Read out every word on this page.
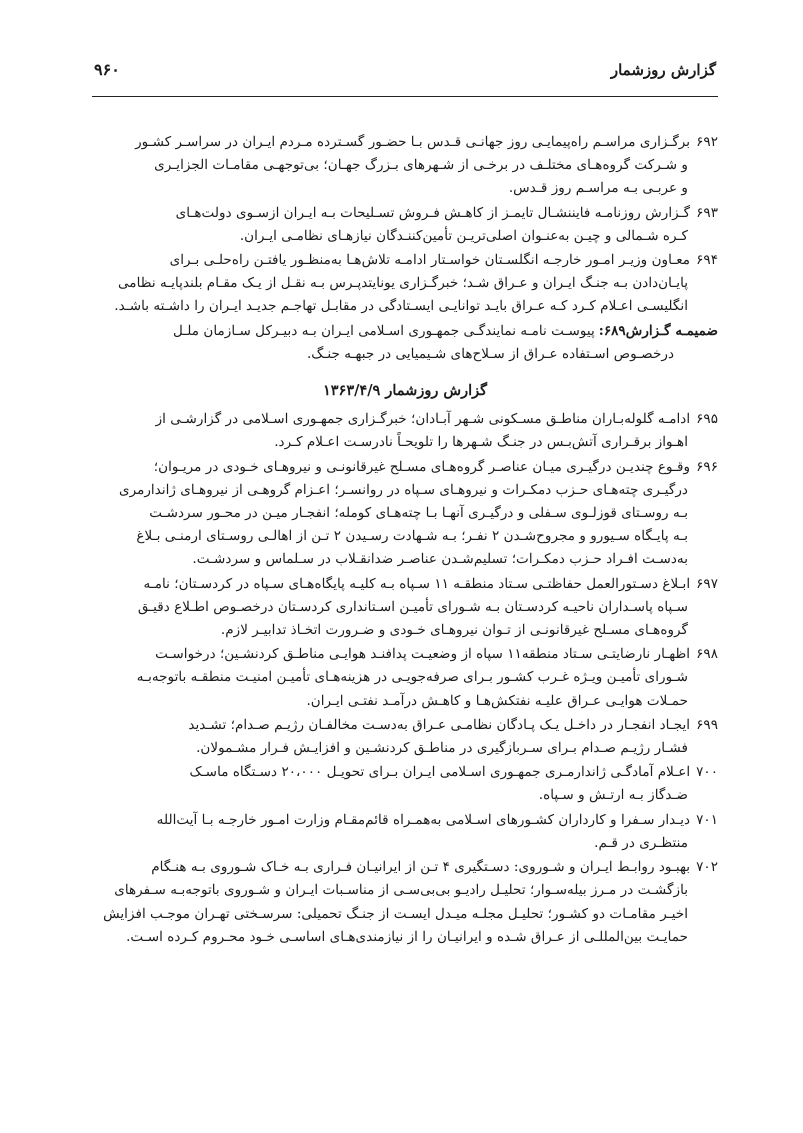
گزارش روزشمار
۹۶۰
۶۹۲برگـزاری مراسـم راه‌پیمایـی روز جهانـی قـدس بـا حضـور گسـترده مـردم ایـران در سراسـر کشـور
و شـرکت گروه‌هـای مختلـف در برخـی از شـهرهای بـزرگ جهـان؛ بی‌توجهـی مقامـات الجزایـری
و عربـی بـه مراسـم روز قـدس.
۶۹۳گـزارش روزنامـه فایننشـال تایمـز از کاهـش فـروش تسـلیحات بـه ایـران ازسـوی دولت‌هـای
کـره شـمالی و چیـن به‌عنـوان اصلی‌تریـن تأمین‌کننـدگان نیازهـای نظامـی ایـران.
۶۹۴معـاون وزیـر امـور خارجـه انگلسـتان خواسـتار ادامـه تلاش‌هـا به‌منظـور یافتـن راه‌حلـی بـرای
پایـان‌دادن بـه جنـگ ایـران و عـراق شـد؛ خبرگـزاری یونایتدپـرس بـه نقـل از یـک مقـام بلندپایـه نظامی
انگلیسـی اعـلام کـرد کـه عـراق بایـد توانایـی ایسـتادگی در مقابـل تهاجـم جدیـد ایـران را داشـته باشـد.
ضمیمـه گـزارش۶۸۹:پیوسـت نامـه نمایندگـی جمهـوری اسـلامی ایـران بـه دبیـرکل سـازمان ملـل
درخصـوص اسـتفاده عـراق از سـلاح‌های شـیمیایی در جبهـه جنـگ.
گزارش روزشمار ۱۳۶۳/۴/۹
۶۹۵ادامـه گلوله‌بـاران مناطـق مسـکونی شـهر آبـادان؛ خبرگـزاری جمهـوری اسـلامی در گزارشـی از
اهـواز برقـراری آتش‌بـس در جنـگ شـهرها را تلویحـاً نادرسـت اعـلام کـرد.
۶۹۶وقـوع چندیـن درگیـری میـان عناصـر گروه‌هـای مسـلح غیرقانونـی و نیروهـای خـودی در مریـوان؛
درگیـری چته‌هـای حـزب دمکـرات و نیروهـای سـپاه در روانسـر؛ اعـزام گروهـی از نیروهـای ژاندارمری
بـه روسـتای قوزلـوی سـفلی و درگیـری آنهـا بـا چته‌هـای کومله؛ انفجـار میـن در محـور سردشـت
بـه پایـگاه سـیورو و مجروح‌شـدن ۲ نفـر؛ بـه شـهادت رسـیدن ۲ تـن از اهالـی روسـتای ارمنـی بـلاغ
به‌دسـت افـراد حـزب دمکـرات؛ تسلیم‌شـدن عناصـر ضدانقـلاب در سـلماس و سردشـت.
۶۹۷ابـلاغ دسـتورالعمل حفاظتـی سـتاد منطقـه ۱۱ سـپاه بـه کلیـه پایگاه‌هـای سـپاه در کردسـتان؛ نامـه
سـپاه پاسـداران ناحیـه کردسـتان بـه شـورای تأمیـن اسـتانداری کردسـتان درخصـوص اطـلاع دقیـق
گروه‌هـای مسـلح غیرقانونـی از تـوان نیروهـای خـودی و ضـرورت اتخـاذ تدابیـر لازم.
۶۹۸اظهـار نارضایتـی سـتاد منطقه۱۱ سپاه از وضعیـت پدافنـد هوایـی مناطـق کردنشـین؛ درخواسـت
شـورای تأمیـن ویـژه غـرب کشـور بـرای صرفه‌جویـی در هزینه‌هـای تأمیـن امنیـت منطقـه باتوجه‌بـه
حمـلات هوایـی عـراق علیـه نفتکش‌هـا و کاهـش درآمـد نفتـی ایـران.
۶۹۹ایجـاد انفجـار در داخـل یـک پـادگان نظامـی عـراق به‌دسـت مخالفـان رژیـم صـدام؛ تشـدید
فشـار رژیـم صـدام بـرای سـربازگیری در مناطـق کردنشـین و افزایـش فـرار مشـمولان.
۷۰۰اعـلام آمادگـی ژاندارمـری جمهـوری اسـلامی ایـران بـرای تحویـل ۲۰،۰۰۰ دسـتگاه ماسـک
ضـدگاز بـه ارتـش و سـپاه.
۷۰۱دیـدار سـفرا و کارداران کشـورهای اسـلامی به‌همـراه قائم‌مقـام وزارت امـور خارجـه بـا آیت‌الله
منتظـری در قـم.
۷۰۲بهبـود روابـط ایـران و شـوروی: دسـتگیری ۴ تـن از ایرانیـان فـراری بـه خـاک شـوروی بـه هنـگام
بازگشـت در مـرز بیله‌سـوار؛ تحلیـل رادیـو بی‌بی‌سـی از مناسـبات ایـران و شـوروی باتوجه‌بـه سـفرهای
اخیـر مقامـات دو کشـور؛ تحلیـل مجلـه میـدل ایسـت از جنـگ تحمیلی: سرسـختی تهـران موجـب افزایش
حمایـت بین‌المللـی از عـراق شـده و ایرانیـان را از نیازمندی‌هـای اساسـی خـود محـروم کـرده اسـت.
